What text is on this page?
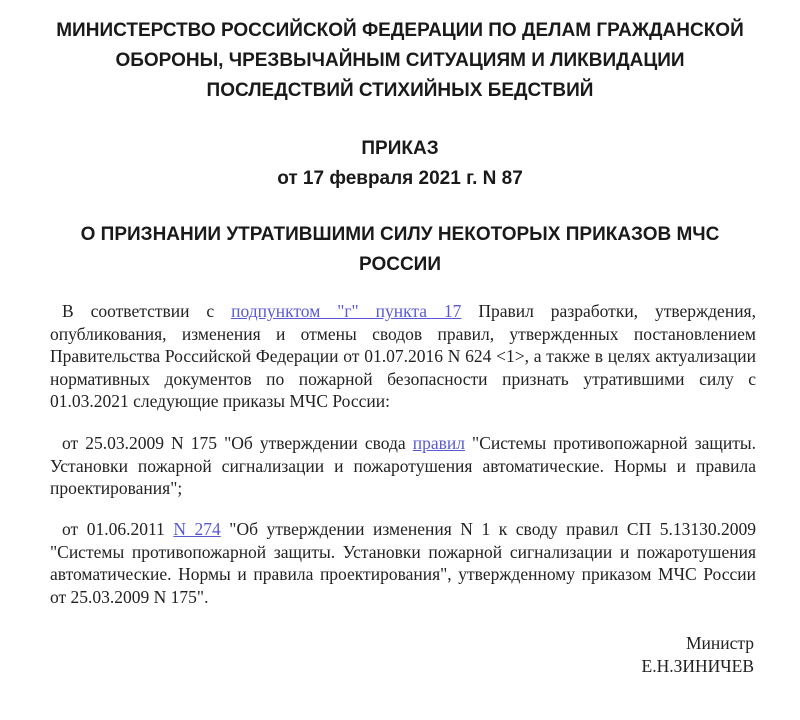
МИНИСТЕРСТВО РОССИЙСКОЙ ФЕДЕРАЦИИ ПО ДЕЛАМ ГРАЖДАНСКОЙ
ОБОРОНЫ, ЧРЕЗВЫЧАЙНЫМ СИТУАЦИЯМ И ЛИКВИДАЦИИ
ПОСЛЕДСТВИЙ СТИХИЙНЫХ БЕДСТВИЙ
ПРИКАЗ
от 17 февраля 2021 г. N 87
О ПРИЗНАНИИ УТРАТИВШИМИ СИЛУ НЕКОТОРЫХ ПРИКАЗОВ МЧС
РОССИИ

В соответствии с подпунктом "г" пункта 17 Правил разработки, утверждения, опубликования, изменения и отмены сводов правил, утвержденных постановлением Правительства Российской Федерации от 01.07.2016 N 624 <1>, а также в целях актуализации нормативных документов по пожарной безопасности признать утратившими силу с 01.03.2021 следующие приказы МЧС России:

от 25.03.2009 N 175 "Об утверждении свода правил "Системы противопожарной защиты. Установки пожарной сигнализации и пожаротушения автоматические. Нормы и правила проектирования";

от 01.06.2011 N 274 "Об утверждении изменения N 1 к своду правил СП 5.13130.2009 "Системы противопожарной защиты. Установки пожарной сигнализации и пожаротушения автоматические. Нормы и правила проектирования", утвержденному приказом МЧС России от 25.03.2009 N 175".

Министр
Е.Н.ЗИНИЧЕВ
